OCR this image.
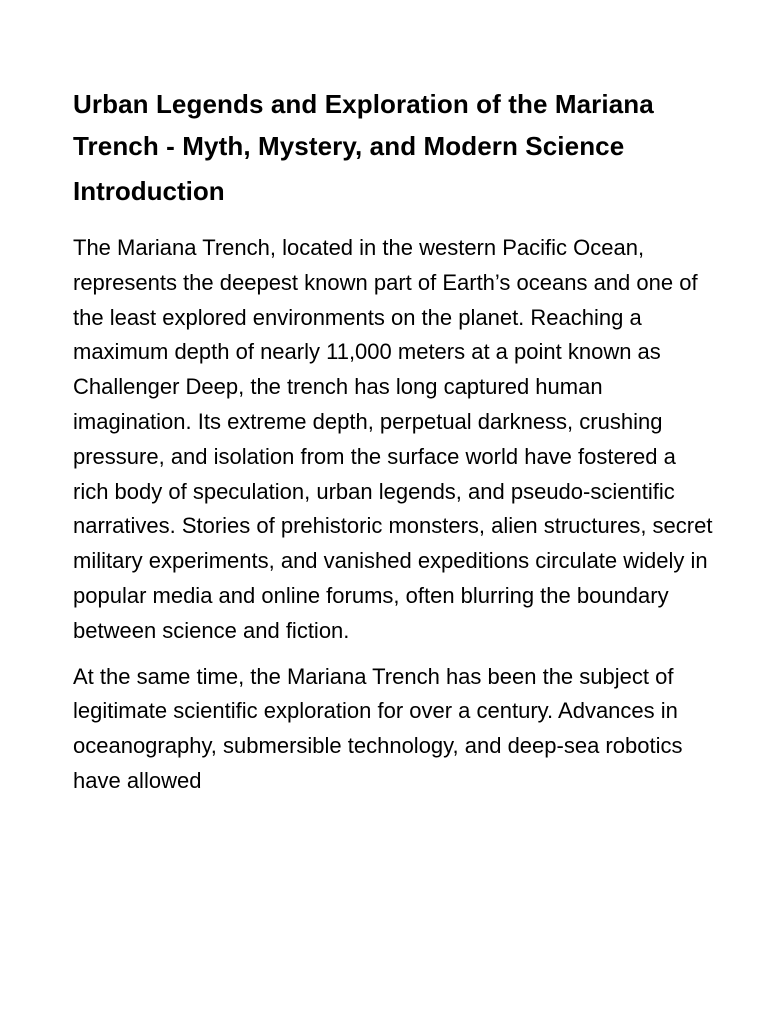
Urban Legends and Exploration of the Mariana Trench - Myth, Mystery, and Modern Science
Introduction

The Mariana Trench, located in the western Pacific Ocean, represents the deepest known part of Earth’s oceans and one of the least explored environments on the planet. Reaching a maximum depth of nearly 11,000 meters at a point known as Challenger Deep, the trench has long captured human imagination. Its extreme depth, perpetual darkness, crushing pressure, and isolation from the surface world have fostered a rich body of speculation, urban legends, and pseudo-scientific narratives. Stories of prehistoric monsters, alien structures, secret military experiments, and vanished expeditions circulate widely in popular media and online forums, often blurring the boundary between science and fiction.

At the same time, the Mariana Trench has been the subject of legitimate scientific exploration for over a century. Advances in oceanography, submersible technology, and deep-sea robotics have allowed
